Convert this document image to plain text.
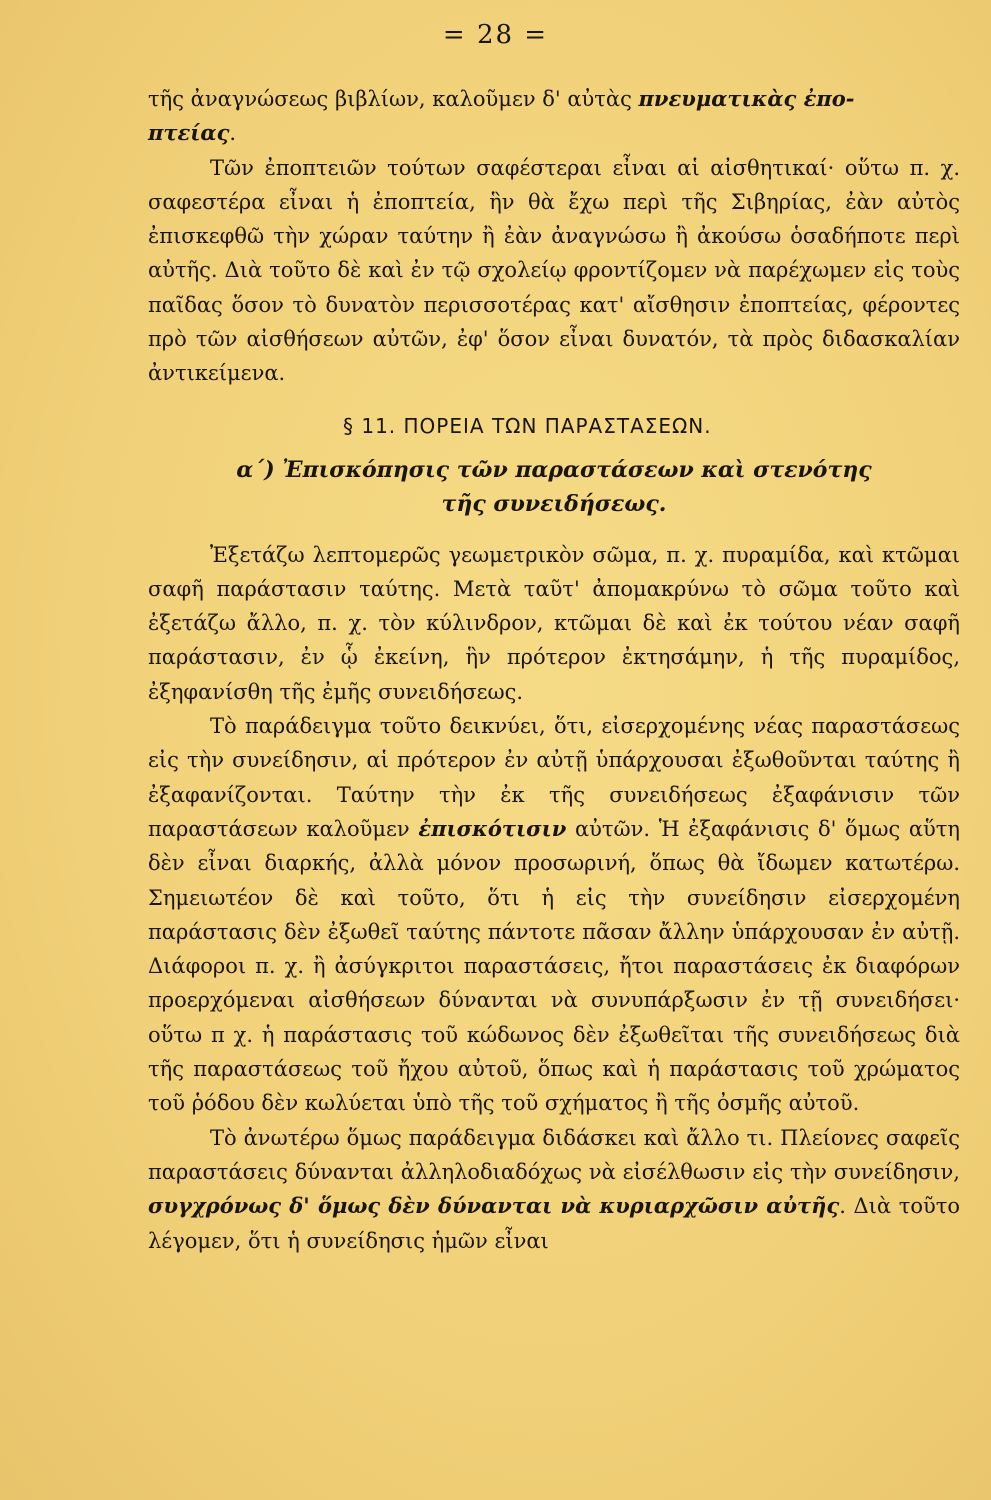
= 28 =

τῆς ἀναγνώσεως βιβλίων, καλοῦμεν δ' αὐτὰς πνευματικὰς ἐπο-
πτείας.

Τῶν ἐποπτειῶν τούτων σαφέστεραι εἶναι αἱ αἰσθητικαί· οὕτω π. χ. σαφεστέρα εἶναι ἡ ἐποπτεία, ἣν θὰ ἔχω περὶ τῆς Σιβηρίας, ἐὰν αὐτὸς ἐπισκεφθῶ τὴν χώραν ταύτην ἢ ἐὰν ἀναγνώσω ἢ ἀκούσω ὁσαδήποτε περὶ αὐτῆς. Διὰ τοῦτο δὲ καὶ ἐν τῷ σχολείῳ φροντίζομεν νὰ παρέχωμεν εἰς τοὺς παῖδας ὅσον τὸ δυνατὸν περισσοτέρας κατ' αἴσθησιν ἐποπτείας, φέροντες πρὸ τῶν αἰσθήσεων αὐτῶν, ἐφ' ὅσον εἶναι δυνατόν, τὰ πρὸς διδασκαλίαν ἀντικείμενα.

§ 11. ΠΟΡΕΙΑ ΤΩΝ ΠΑΡΑΣΤΑΣΕΩΝ.

α΄) Ἐπισκόπησις τῶν παραστάσεων καὶ στενότης

τῆς συνειδήσεως.

Ἐξετάζω λεπτομερῶς γεωμετρικὸν σῶμα, π. χ. πυραμίδα, καὶ κτῶμαι σαφῆ παράστασιν ταύτης. Μετὰ ταῦτ' ἀπομακρύνω τὸ σῶμα τοῦτο καὶ ἐξετάζω ἄλλο, π. χ. τὸν κύλινδρον, κτῶμαι δὲ καὶ ἐκ τούτου νέαν σαφῆ παράστασιν, ἐν ᾧ ἐκείνη, ἣν πρότερον ἐκτησάμην, ἡ τῆς πυραμίδος, ἐξηφανίσθη τῆς ἐμῆς συνειδήσεως.

Τὸ παράδειγμα τοῦτο δεικνύει, ὅτι, εἰσερχομένης νέας παραστάσεως εἰς τὴν συνείδησιν, αἱ πρότερον ἐν αὐτῇ ὑπάρχουσαι ἐξωθοῦνται ταύτης ἢ ἐξαφανίζονται. Ταύτην τὴν ἐκ τῆς συνειδήσεως ἐξαφάνισιν τῶν παραστάσεων καλοῦμεν ἐπισκότισιν αὐτῶν. Ἡ ἐξαφάνισις δ' ὅμως αὕτη δὲν εἶναι διαρκής, ἀλλὰ μόνον προσωρινή, ὅπως θὰ ἴδωμεν κατωτέρω. Σημειωτέον δὲ καὶ τοῦτο, ὅτι ἡ εἰς τὴν συνείδησιν εἰσερχομένη παράστασις δὲν ἐξωθεῖ ταύτης πάντοτε πᾶσαν ἄλλην ὑπάρχουσαν ἐν αὐτῇ. Διάφοροι π. χ. ἢ ἀσύγκριτοι παραστάσεις, ἤτοι παραστάσεις ἐκ διαφόρων προερχόμεναι αἰσθήσεων δύνανται νὰ συνυπάρξωσιν ἐν τῇ συνειδήσει· οὕτω π χ. ἡ παράστασις τοῦ κώδωνος δὲν ἐξωθεῖται τῆς συνειδήσεως διὰ τῆς παραστάσεως τοῦ ἤχου αὐτοῦ, ὅπως καὶ ἡ παράστασις τοῦ χρώματος τοῦ ῥόδου δὲν κωλύεται ὑπὸ τῆς τοῦ σχήματος ἢ τῆς ὀσμῆς αὐτοῦ.

Τὸ ἀνωτέρω ὅμως παράδειγμα διδάσκει καὶ ἄλλο τι. Πλείονες σαφεῖς παραστάσεις δύνανται ἀλληλοδιαδόχως νὰ εἰσέλθωσιν εἰς τὴν συνείδησιν, συγχρόνως δ' ὅμως δὲν δύνανται νὰ κυριαρχῶσιν αὐτῆς. Διὰ τοῦτο λέγομεν, ὅτι ἡ συνείδησις ἡμῶν εἶναι
